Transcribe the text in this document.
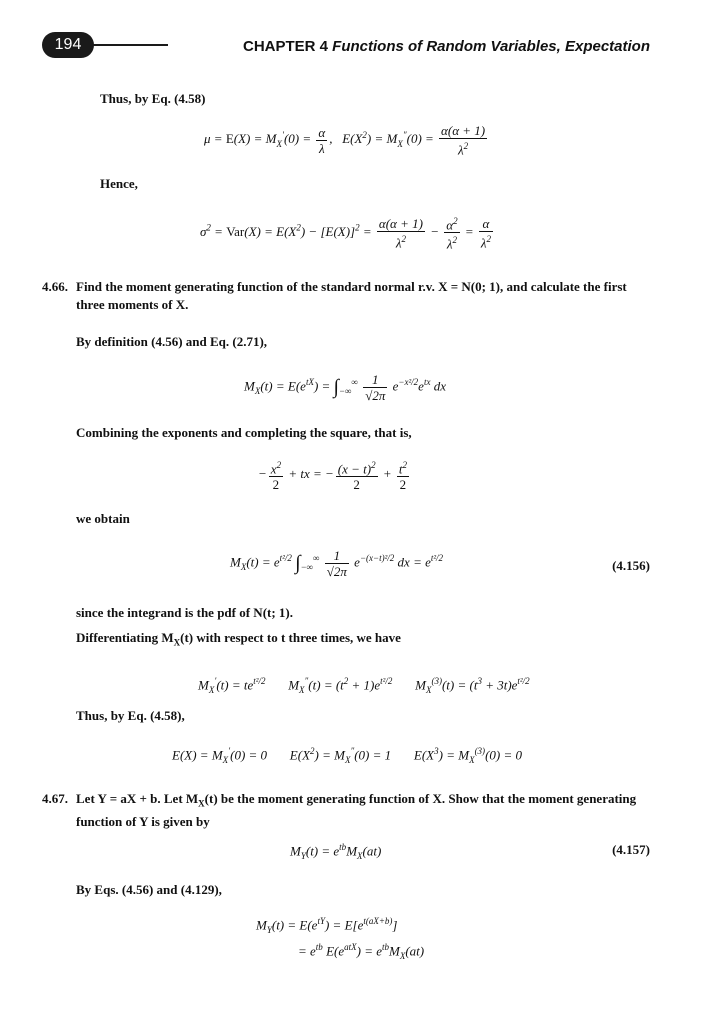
194	CHAPTER 4 Functions of Random Variables, Expectation
Thus, by Eq. (4.58)
$\mu = E(X) = M_X'(0) = \frac{\alpha}{\lambda}$ ,   $E(X^2) = M_X''(0) = \frac{\alpha(\alpha + 1)}{\lambda^2}$
Hence,
$\sigma^2 = Var(X) = E(X^2) - [E(X)]^2 = \frac{\alpha(\alpha + 1)}{\lambda^2} - \frac{\alpha^2}{\lambda^2} = \frac{\alpha}{\lambda^2}$
4.66. Find the moment generating function of the standard normal r.v. X = N(0; 1), and calculate the first three moments of X.
By definition (4.56) and Eq. (2.71),
$M_X(t) = E(e^{tX}) = \int_{-\infty}^\infty \frac{1}{√2\pi} e^{-x^2/2}e^{tx}$ dx
Combining the exponents and completing the square, that is,
− $\frac{x^2}{2}$ + tx = − $\frac{(x - t)^2}{2} + \frac{t^2}{2}$
we obtain
$M_X(t) = e^{t^2/2}$ $\int_{-\infty}^\infty \frac{1}{√2\pi} e^{-(x-t)^2/2}$ dx = $e^{t^2/2}$	(4.156)
since the integrand is the pdf of N(t; 1).
Differentiating $M_X(t)$ with respect to t three times, we have
$M_X'(t) = te^{t^2/2}$       $M_X''(t) = (t^2 + 1)e^{t^2/2}$       $M_X^{(3)}(t) = (t^3 + 3t)e^{t^2/2}$
Thus, by Eq. (4.58),
$E(X) = M_X'(0) = 0$       $E(X^2) = M_X''(0) = 1$       $E(X^3) = M_X^{(3)}(0) = 0$
4.67. Let Y = aX + b. Let $M_X(t)$ be the moment generating function of X. Show that the moment generating
function of Y is given by
$M_Y(t) = e^{tb}M_X(at)$	(4.157)
By Eqs. (4.56) and (4.129),
$M_Y(t) = E(e^{tY}) = E[e^{t(aX+b)}]$
= $e^{tb}$ $E(e^{atX}) = e^{tb}M_X(at)$
